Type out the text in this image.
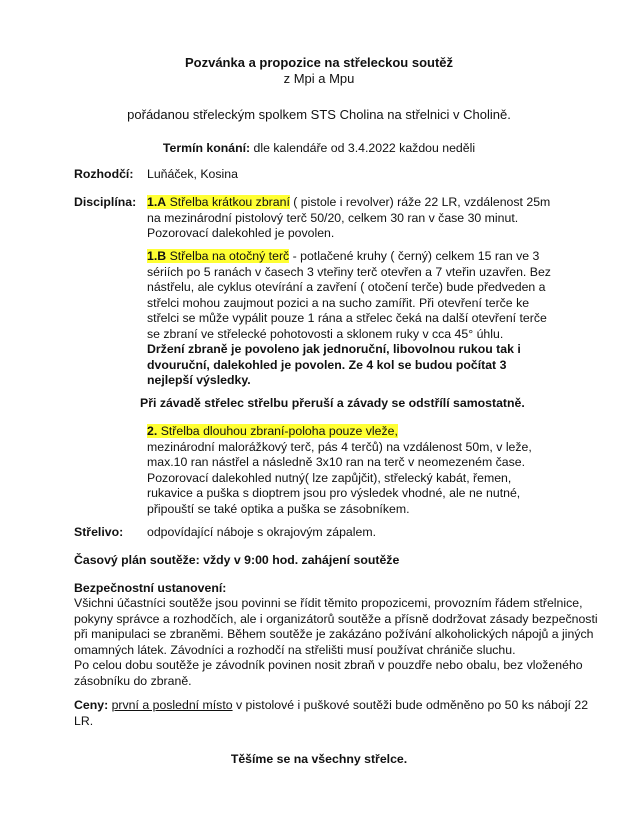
Pozvánka a propozice na střeleckou soutěž
z Mpi a Mpu
pořádanou střeleckým spolkem STS Cholina na střelnici v Cholině.
Termín konání: dle kalendáře od 3.4.2022 každou neděli
Rozhodčí: Luňáček, Kosina
Disciplína: 1.A Střelba krátkou zbraní ( pistole i revolver) ráže 22 LR, vzdálenost 25m
na mezinárodní pistolový terč 50/20, celkem 30 ran v čase 30 minut.
Pozorovací dalekohled je povolen.
1.B Střelba na otočný terč - potlačené kruhy ( černý) celkem 15 ran ve 3
sériích po 5 ranách v časech 3 vteřiny terč otevřen a 7 vteřin uzavřen. Bez
nástřelu, ale cyklus otevírání a zavření ( otočení terče) bude předveden a
střelci mohou zaujmout pozici a na sucho zamířit. Při otevření terče ke
střelci se může vypálit pouze 1 rána a střelec čeká na další otevření terče
se zbraní ve střelecké pohotovosti a sklonem ruky v cca 45° úhlu.
Držení zbraně je povoleno jak jednoruční, libovolnou rukou tak i
dvouruční, dalekohled je povolen. Ze 4 kol se budou počítat 3
nejlepší výsledky.
Při závadě střelec střelbu přeruší a závady se odstřílí samostatně.
2. Střelba dlouhou zbraní-poloha pouze vleže,
mezinárodní malorážkový terč, pás 4 terčů) na vzdálenost 50m, v leže,
max.10 ran nástřel a následně 3x10 ran na terč v neomezeném čase.
Pozorovací dalekohled nutný( lze zapůjčit), střelecký kabát, řemen,
rukavice a puška s dioptrem jsou pro výsledek vhodné, ale ne nutné,
připouští se také optika a puška se zásobníkem.
Střelivo: odpovídající náboje s okrajovým zápalem.
Časový plán soutěže: vždy v 9:00 hod. zahájení soutěže
Bezpečnostní ustanovení:
Všichni účastníci soutěže jsou povinni se řídit těmito propozicemi, provozním řádem střelnice,
pokyny správce a rozhodčích, ale i organizátorů soutěže a přísně dodržovat zásady bezpečnosti
při manipulaci se zbraněmi. Během soutěže je zakázáno požívání alkoholických nápojů a jiných
omamných látek. Závodníci a rozhodčí na střelišti musí používat chrániče sluchu.
Po celou dobu soutěže je závodník povinen nosit zbraň v pouzdře nebo obalu, bez vloženého
zásobníku do zbraně.
Ceny: první a poslední místo v pistolové i puškové soutěži bude odměněno po 50 ks nábojí 22
LR.
Těšíme se na všechny střelce.
